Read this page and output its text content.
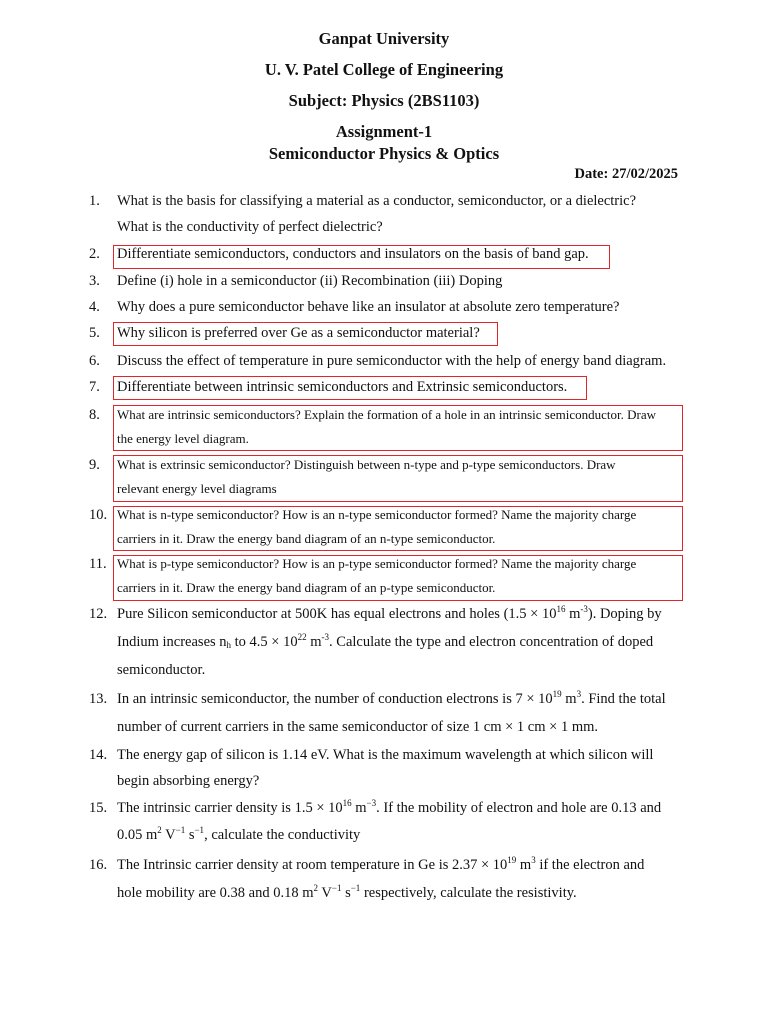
Ganpat University
U. V. Patel College of Engineering
Subject: Physics (2BS1103)
Assignment-1
Semiconductor Physics & Optics
Date: 27/02/2025
1. What is the basis for classifying a material as a conductor, semiconductor, or a dielectric?
What is the conductivity of perfect dielectric?
2. Differentiate semiconductors, conductors and insulators on the basis of band gap.
3. Define (i) hole in a semiconductor (ii) Recombination (iii) Doping
4. Why does a pure semiconductor behave like an insulator at absolute zero temperature?
5. Why silicon is preferred over Ge as a semiconductor material?
6. Discuss the effect of temperature in pure semiconductor with the help of energy band diagram.
7. Differentiate between intrinsic semiconductors and Extrinsic semiconductors.
8. What are intrinsic semiconductors? Explain the formation of a hole in an intrinsic semiconductor. Draw
the energy level diagram.
9. What is extrinsic semiconductor? Distinguish between n-type and p-type semiconductors. Draw
relevant energy level diagrams
10. What is n-type semiconductor? How is an n-type semiconductor formed? Name the majority charge
carriers in it. Draw the energy band diagram of an n-type semiconductor.
11. What is p-type semiconductor? How is an p-type semiconductor formed? Name the majority charge
carriers in it. Draw the energy band diagram of an p-type semiconductor.
12. Pure Silicon semiconductor at 500K has equal electrons and holes ($1.5 \times 10^{16}$ $m^{-3}$). Doping by
Indium increases $n_h$ to $4.5 \times 10^{22}$ $m^{-3}$. Calculate the type and electron concentration of doped
semiconductor.
13. In an intrinsic semiconductor, the number of conduction electrons is $7 \times 10^{19}$ $m^3$. Find the total
number of current carriers in the same semiconductor of size 1 cm × 1 cm × 1 mm.
14. The energy gap of silicon is 1.14 eV. What is the maximum wavelength at which silicon will
begin absorbing energy?
15. The intrinsic carrier density is $1.5 \times 10^{16}$ $m^{-3}$. If the mobility of electron and hole are 0.13 and
0.05 $m^2$ $V^{-1}$ $s^{-1}$, calculate the conductivity
16. The Intrinsic carrier density at room temperature in Ge is $2.37 \times 10^{19}$ $m^3$ if the electron and
hole mobility are 0.38 and 0.18 $m^2$ $V^{-1}$ $s^{-1}$ respectively, calculate the resistivity.
